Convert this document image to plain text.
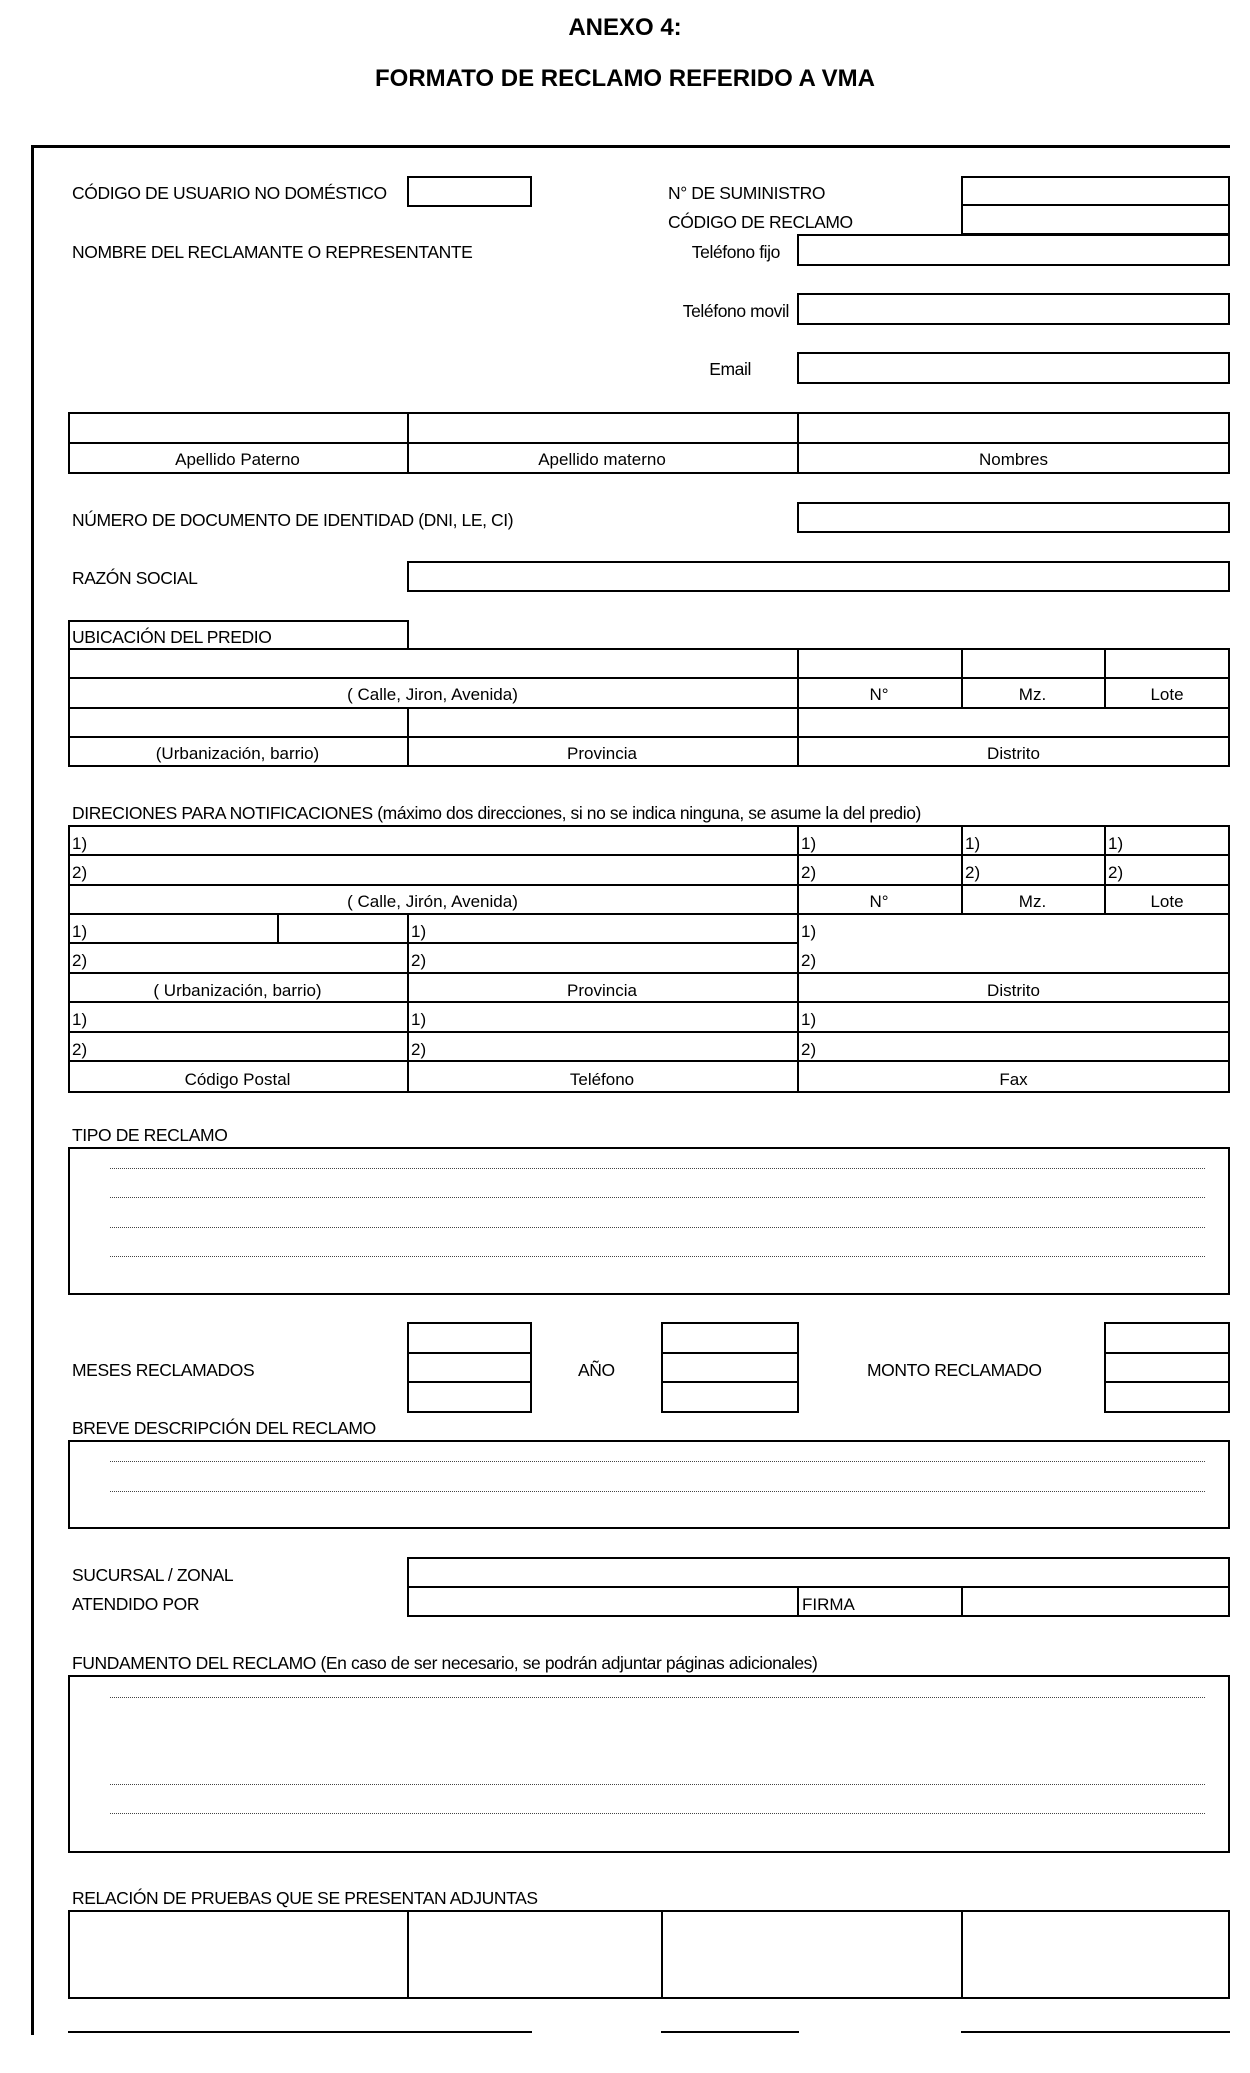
ANEXO 4:
FORMATO DE RECLAMO REFERIDO A VMA
CÓDIGO DE USUARIO NO DOMÉSTICO	N° DE SUMINISTRO
CÓDIGO DE RECLAMO
NOMBRE DEL RECLAMANTE O REPRESENTANTE	Teléfono fijo
Teléfono movil
Email
Apellido Paterno	Apellido materno	Nombres
NÚMERO DE DOCUMENTO DE IDENTIDAD (DNI, LE, CI)
RAZÓN SOCIAL
UBICACIÓN DEL PREDIO
( Calle, Jiron, Avenida)	N°	Mz.	Lote
(Urbanización, barrio)	Provincia	Distrito
DIRECIONES PARA NOTIFICACIONES (máximo dos direcciones, si no se indica ninguna, se asume la del predio)
1)	1)	1)	1)
2)	2)	2)	2)
( Calle, Jirón, Avenida)	N°	Mz.	Lote
1)	1)	1)
2)	2)	2)
( Urbanización, barrio)	Provincia	Distrito
1)	1)	1)
2)	2)	2)
Código Postal	Teléfono	Fax
TIPO DE RECLAMO
MESES RECLAMADOS	AÑO	MONTO RECLAMADO
BREVE DESCRIPCIÓN DEL RECLAMO
SUCURSAL / ZONAL
ATENDIDO POR	FIRMA
FUNDAMENTO DEL RECLAMO (En caso de ser necesario, se podrán adjuntar páginas adicionales)
RELACIÓN DE PRUEBAS QUE SE PRESENTAN ADJUNTAS
